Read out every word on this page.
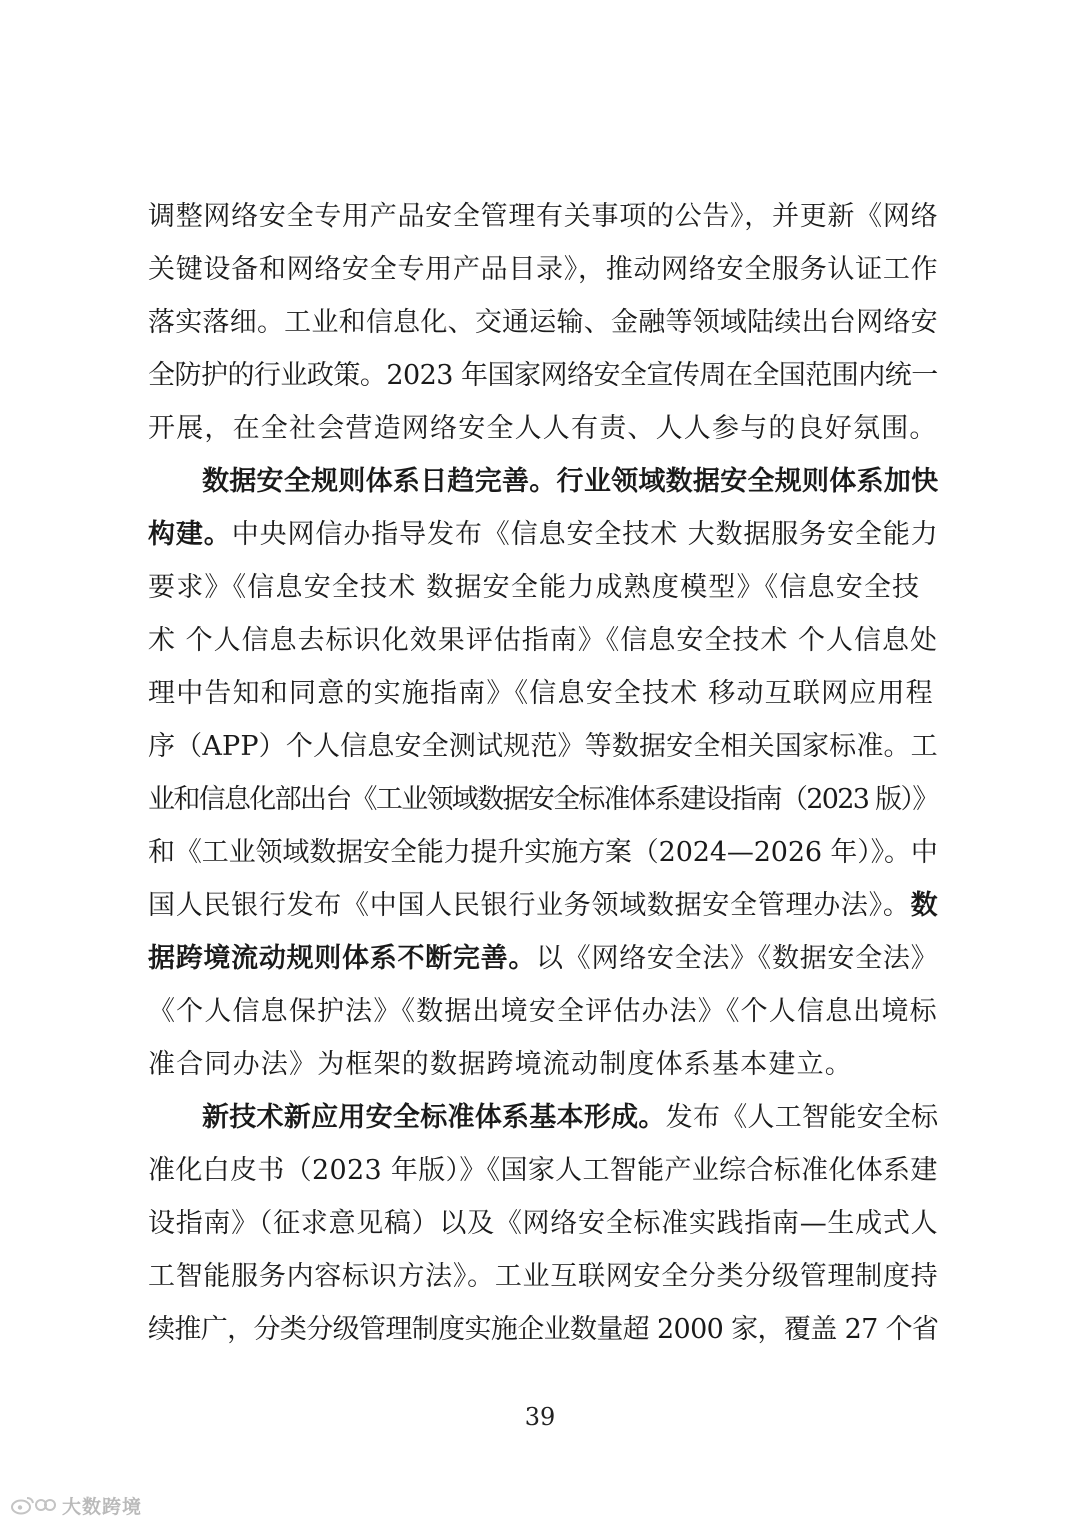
调整网络安全专用产品安全管理有关事项的公告》，并更新《网络
关键设备和网络安全专用产品目录》，推动网络安全服务认证工作
落实落细。工业和信息化、交通运输、金融等领域陆续出台网络安
全防护的行业政策。2023 年国家网络安全宣传周在全国范围内统一
开展，在全社会营造网络安全人人有责、人人参与的良好氛围。
数据安全规则体系日趋完善。行业领域数据安全规则体系加快
构建。中央网信办指导发布《信息安全技术 大数据服务安全能力
要求》《信息安全技术 数据安全能力成熟度模型》《信息安全技
术 个人信息去标识化效果评估指南》《信息安全技术 个人信息处
理中告知和同意的实施指南》《信息安全技术 移动互联网应用程
序（APP）个人信息安全测试规范》等数据安全相关国家标准。工
业和信息化部出台《工业领域数据安全标准体系建设指南（2023 版）》
和《工业领域数据安全能力提升实施方案（2024—2026 年）》。中
国人民银行发布《中国人民银行业务领域数据安全管理办法》。数
据跨境流动规则体系不断完善。以《网络安全法》《数据安全法》
《个人信息保护法》《数据出境安全评估办法》《个人信息出境标
准合同办法》为框架的数据跨境流动制度体系基本建立。
新技术新应用安全标准体系基本形成。发布《人工智能安全标
准化白皮书（2023 年版）》《国家人工智能产业综合标准化体系建
设指南》（征求意见稿）以及《网络安全标准实践指南—生成式人
工智能服务内容标识方法》。工业互联网安全分类分级管理制度持
续推广，分类分级管理制度实施企业数量超 2000 家，覆盖 27 个省
39
大数跨境
